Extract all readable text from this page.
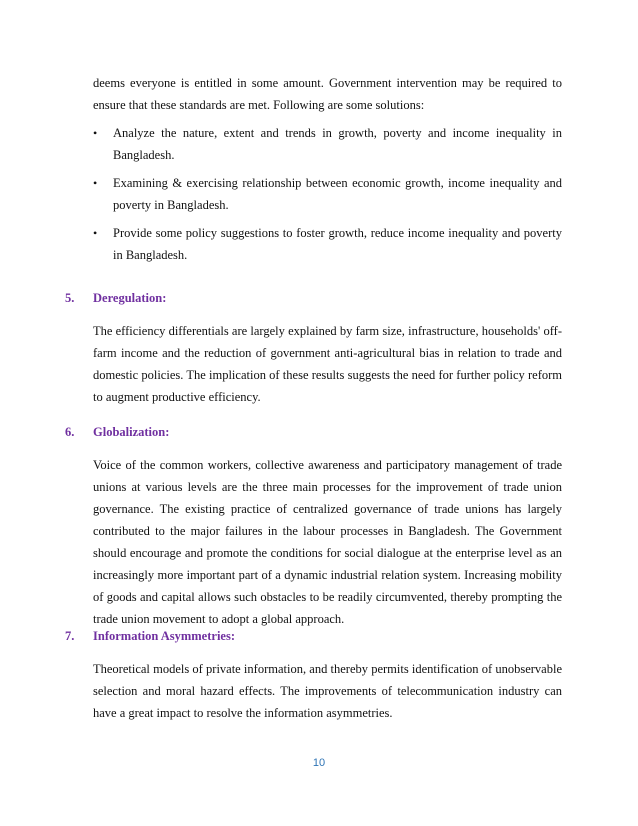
deems everyone is entitled in some amount. Government intervention may be required to ensure that these standards are met. Following are some solutions:

• Analyze the nature, extent and trends in growth, poverty and income inequality in Bangladesh.
• Examining & exercising relationship between economic growth, income inequality and poverty in Bangladesh.
• Provide some policy suggestions to foster growth, reduce income inequality and poverty in Bangladesh.
5. Deregulation:

The efficiency differentials are largely explained by farm size, infrastructure, households' off-farm income and the reduction of government anti-agricultural bias in relation to trade and domestic policies. The implication of these results suggests the need for further policy reform to augment productive efficiency.

6. Globalization:

Voice of the common workers, collective awareness and participatory management of trade unions at various levels are the three main processes for the improvement of trade union governance. The existing practice of centralized governance of trade unions has largely contributed to the major failures in the labour processes in Bangladesh. The Government should encourage and promote the conditions for social dialogue at the enterprise level as an increasingly more important part of a dynamic industrial relation system. Increasing mobility of goods and capital allows such obstacles to be readily circumvented, thereby prompting the trade union movement to adopt a global approach.

7. Information Asymmetries:

Theoretical models of private information, and thereby permits identification of unobservable selection and moral hazard effects. The improvements of telecommunication industry can have a great impact to resolve the information asymmetries.

10
